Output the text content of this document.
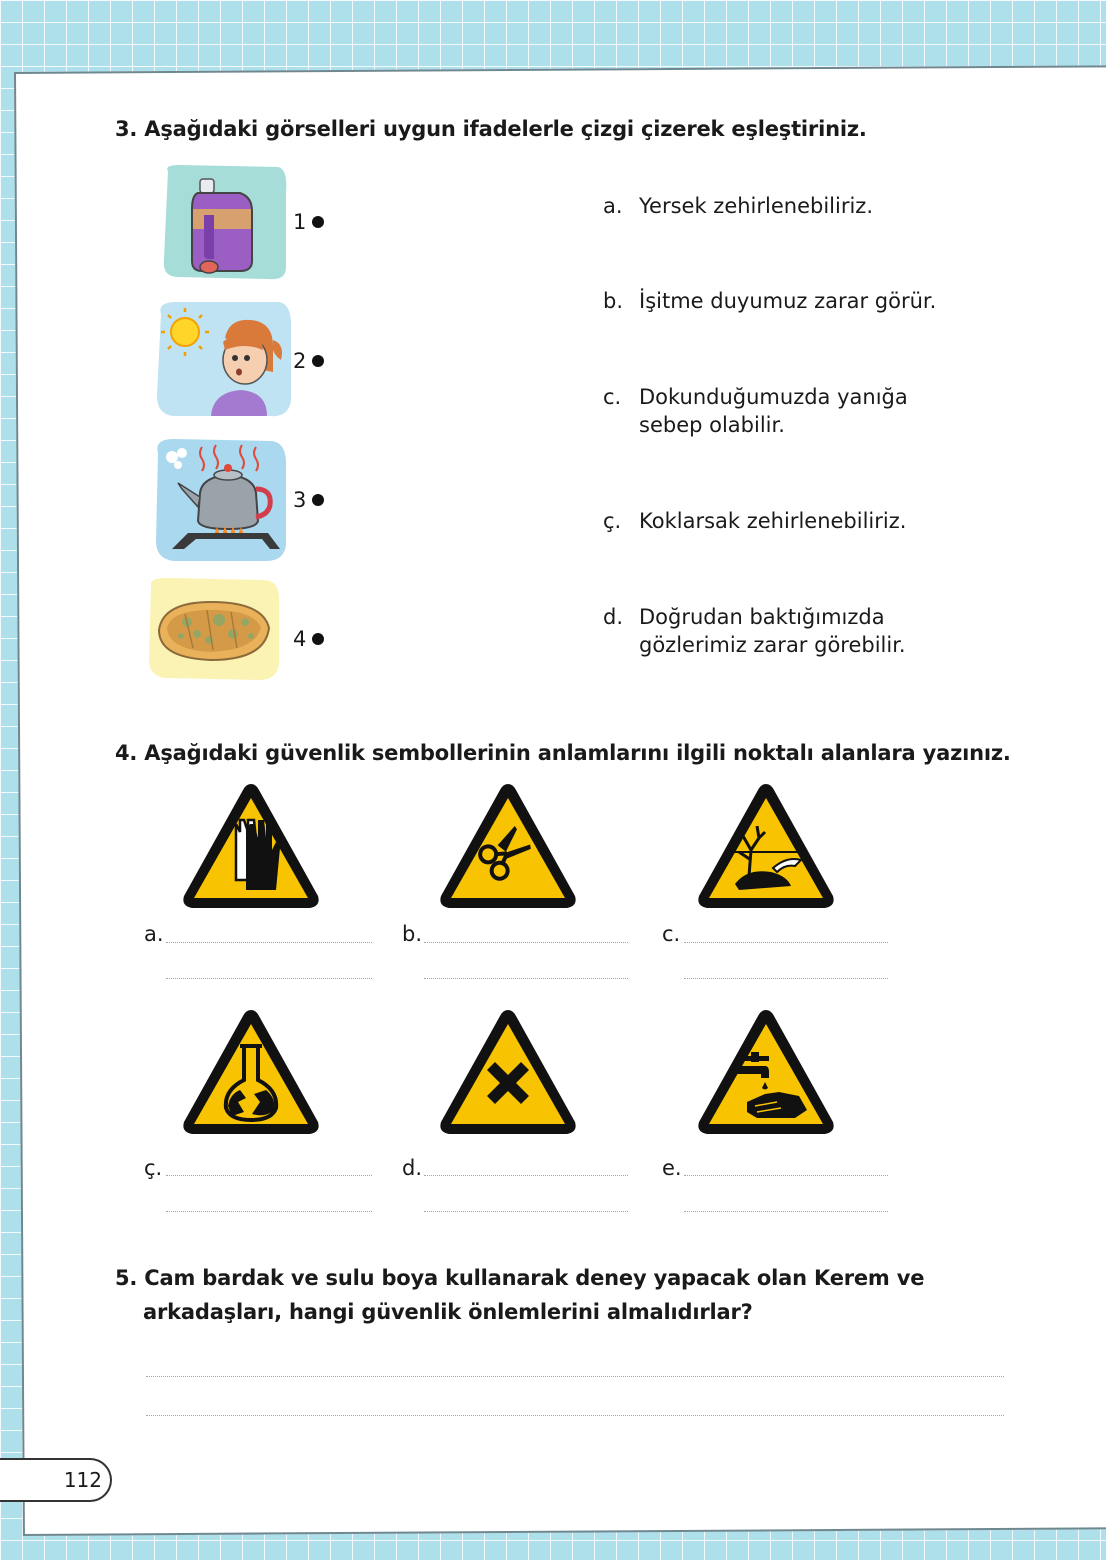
3. Aşağıdaki görselleri uygun ifadelerle çizgi çizerek eşleştiriniz.
1
2
3
4
a. Yersek zehirlenebiliriz.
b. İşitme duyumuz zarar görür.
c. Dokunduğumuzda yanığa sebep olabilir.
ç. Koklarsak zehirlenebiliriz.
d. Doğrudan baktığımızda gözlerimiz zarar görebilir.
4. Aşağıdaki güvenlik sembollerinin anlamlarını ilgili noktalı alanlara yazınız.
a.	b.	c.
ç.	d.	e.
5. Cam bardak ve sulu boya kullanarak deney yapacak olan Kerem ve
arkadaşları, hangi güvenlik önlemlerini almalıdırlar?
112
